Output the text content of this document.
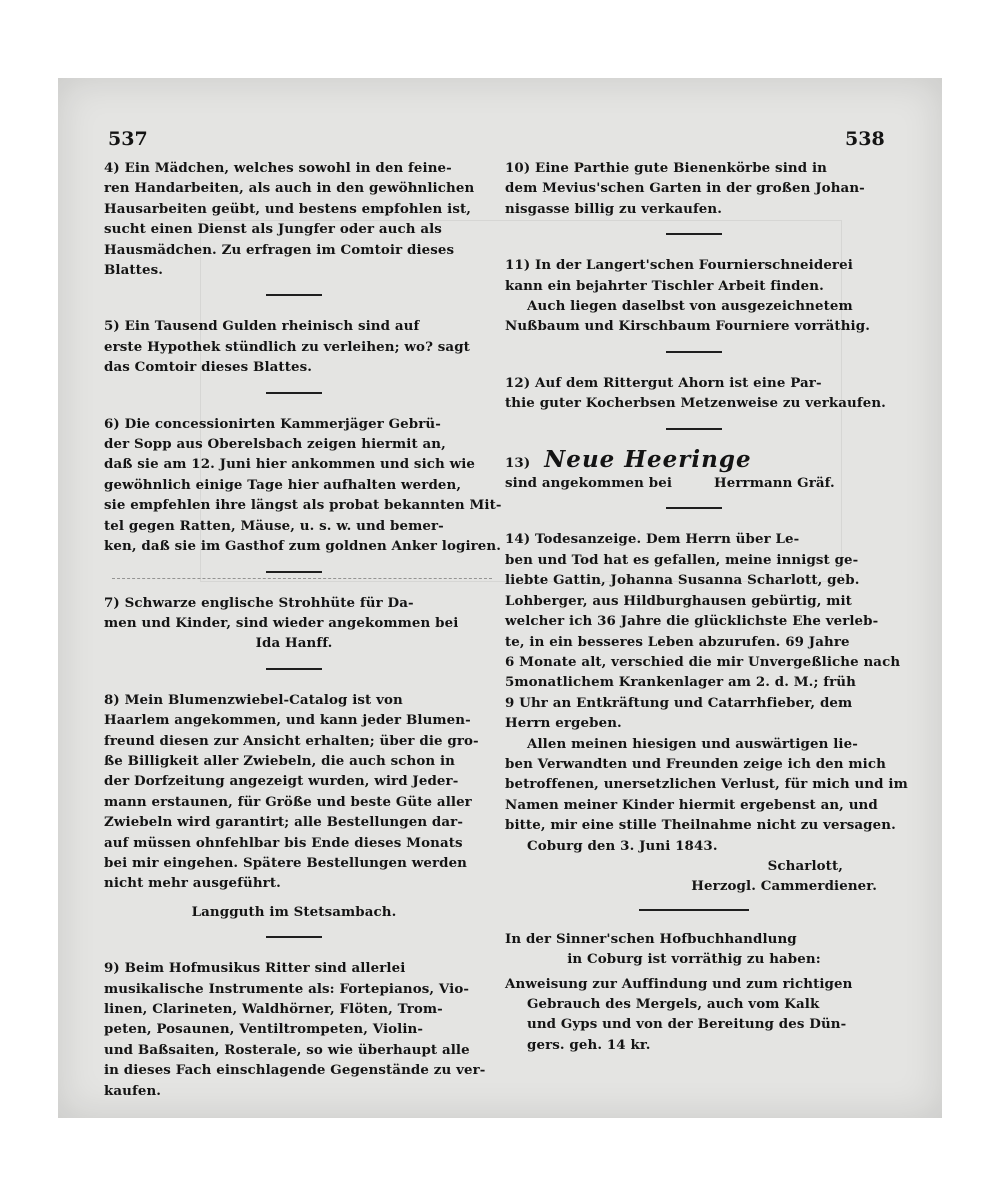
537	538
4) Ein Mädchen, welches sowohl in den feine-
ren Handarbeiten, als auch in den gewöhnlichen
Hausarbeiten geübt, und bestens empfohlen ist,
sucht einen Dienst als Jungfer oder auch als
Hausmädchen. Zu erfragen im Comtoir dieses
Blattes.
5) Ein Tausend Gulden rheinisch sind auf
erste Hypothek stündlich zu verleihen; wo? sagt
das Comtoir dieses Blattes.
6) Die concessionirten Kammerjäger Gebrü-
der Sopp aus Oberelsbach zeigen hiermit an,
daß sie am 12. Juni hier ankommen und sich wie
gewöhnlich einige Tage hier aufhalten werden,
sie empfehlen ihre längst als probat bekannten Mit-
tel gegen Ratten, Mäuse, u. s. w. und bemer-
ken, daß sie im Gasthof zum goldnen Anker logiren.
7) Schwarze englische Strohhüte für Da-
men und Kinder, sind wieder angekommen bei
Ida Hanff.
8) Mein Blumenzwiebel-Catalog ist von
Haarlem angekommen, und kann jeder Blumen-
freund diesen zur Ansicht erhalten; über die gro-
ße Billigkeit aller Zwiebeln, die auch schon in
der Dorfzeitung angezeigt wurden, wird Jeder-
mann erstaunen, für Größe und beste Güte aller
Zwiebeln wird garantirt; alle Bestellungen dar-
auf müssen ohnfehlbar bis Ende dieses Monats
bei mir eingehen. Spätere Bestellungen werden
nicht mehr ausgeführt.
Langguth im Stetsambach.
9) Beim Hofmusikus Ritter sind allerlei
musikalische Instrumente als: Fortepianos, Vio-
linen, Clarineten, Waldhörner, Flöten, Trom-
peten, Posaunen, Ventiltrompeten, Violin-
und Baßsaiten, Rosterale, so wie überhaupt alle
in dieses Fach einschlagende Gegenstände zu ver-
kaufen.
10) Eine Parthie gute Bienenkörbe sind in
dem Mevius'schen Garten in der großen Johan-
nisgasse billig zu verkaufen.
11) In der Langert'schen Fournierschneiderei
kann ein bejahrter Tischler Arbeit finden.
Auch liegen daselbst von ausgezeichnetem
Nußbaum und Kirschbaum Fourniere vorräthig.
12) Auf dem Rittergut Ahorn ist eine Par-
thie guter Kocherbsen Metzenweise zu verkaufen.
13) Neue Heeringe
sind angekommen bei	Herrmann Gräf.
14) Todesanzeige. Dem Herrn über Le-
ben und Tod hat es gefallen, meine innigst ge-
liebte Gattin, Johanna Susanna Scharlott, geb.
Lohberger, aus Hildburghausen gebürtig, mit
welcher ich 36 Jahre die glücklichste Ehe verleb-
te, in ein besseres Leben abzurufen. 69 Jahre
6 Monate alt, verschied die mir Unvergeßliche nach
5monatlichem Krankenlager am 2. d. M.; früh
9 Uhr an Entkräftung und Catarrhfieber, dem
Herrn ergeben.
Allen meinen hiesigen und auswärtigen lie-
ben Verwandten und Freunden zeige ich den mich
betroffenen, unersetzlichen Verlust, für mich und im
Namen meiner Kinder hiermit ergebenst an, und
bitte, mir eine stille Theilnahme nicht zu versagen.
Coburg den 3. Juni 1843.
Scharlott,
Herzogl. Cammerdiener.
In der Sinner'schen Hofbuchhandlung
in Coburg ist vorräthig zu haben:
Anweisung zur Auffindung und zum richtigen
Gebrauch des Mergels, auch vom Kalk
und Gyps und von der Bereitung des Dün-
gers. geh. 14 kr.
